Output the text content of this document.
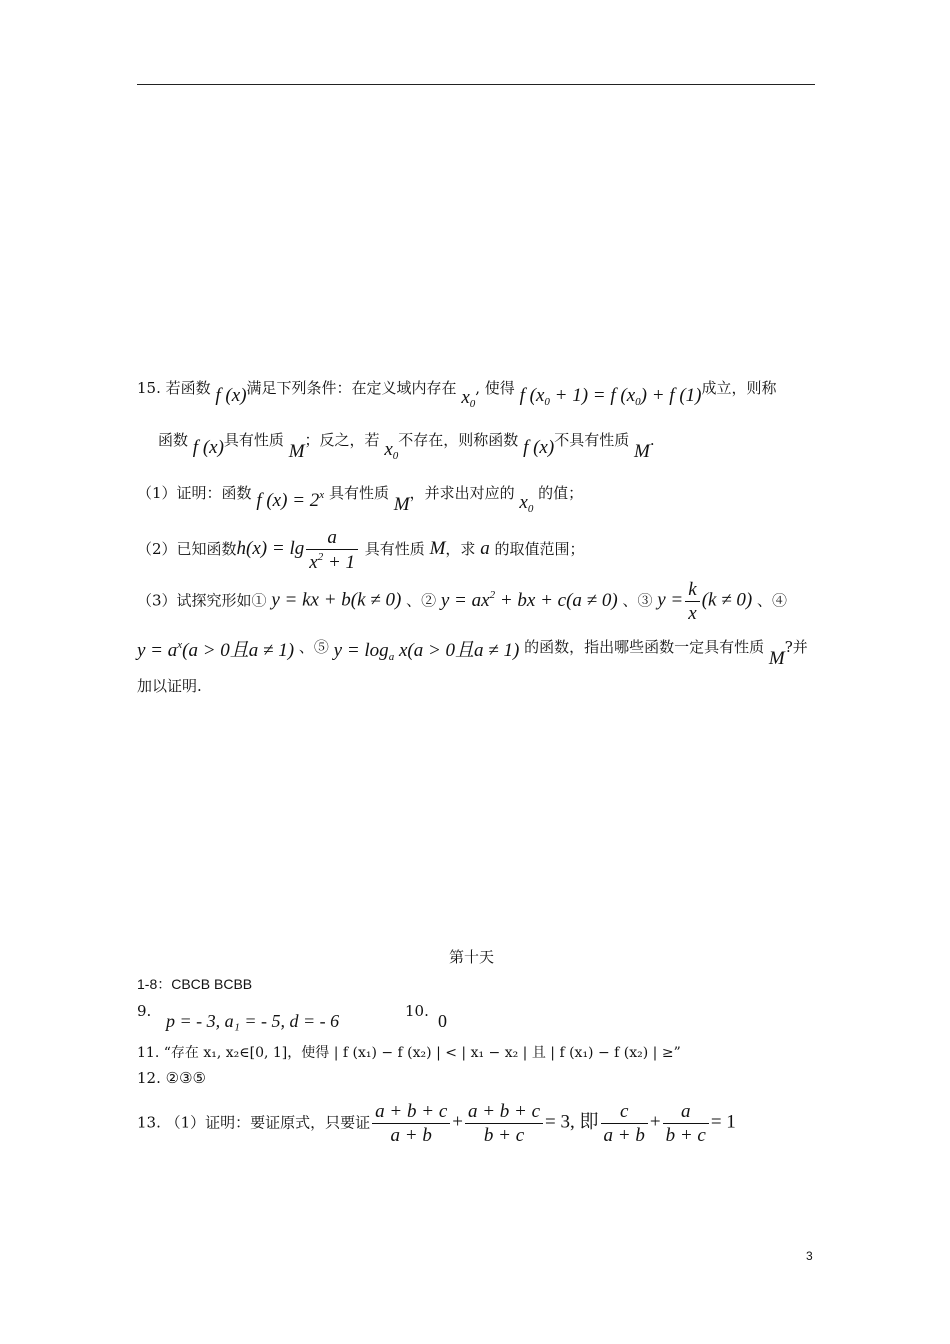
15. 若函数 f (x)满足下列条件：在定义域内存在 $x_0$, 使得 f $(x_0 + 1) = f$ $(x_0) + f$ (1)成立，则称
函数 f (x)具有性质 M；反之，若 $x_0$不存在，则称函数 f (x)不具有性质 M.
（1）证明：函数 f $(x) = 2^x$ 具有性质 M，并求出对应的 $x_0$ 的值；
（2）已知函数$h(x) = \lg \frac{a}{x^2 + 1}$ 具有性质 M，求 a 的取值范围；
（3）试探究形如① y = kx + b(k ≠ 0) 、② $y = ax^2$ + bx + c(a ≠ 0) 、③ $y = \frac{k}{x} (k \ne 0)$ 、④
$y = a^x(a > 0$且a ≠ 1) 、⑤ $y = \log_a x(a > 0$且a ≠ 1) 的函数，指出哪些函数一定具有性质 M?并
加以证明.
第十天
1-8：CBCB BCBB
9. p = - 3, a₁ = - 5, d = - 6	10. 0
11. “存在 x₁, x₂∈[0, 1]，使得 | f (x₁) − f (x₂) | < | x₁ − x₂ | 且 | f (x₁) − f (x₂) | ≥”
12. ②③⑤
13. （1）证明：要证原式，只要证 $\frac{a + b + c}{a + b} + \frac{a + b + c}{b + c} = 3$, 即 $\frac{c}{a + b} + \frac{a}{b + c} = 1$
3
